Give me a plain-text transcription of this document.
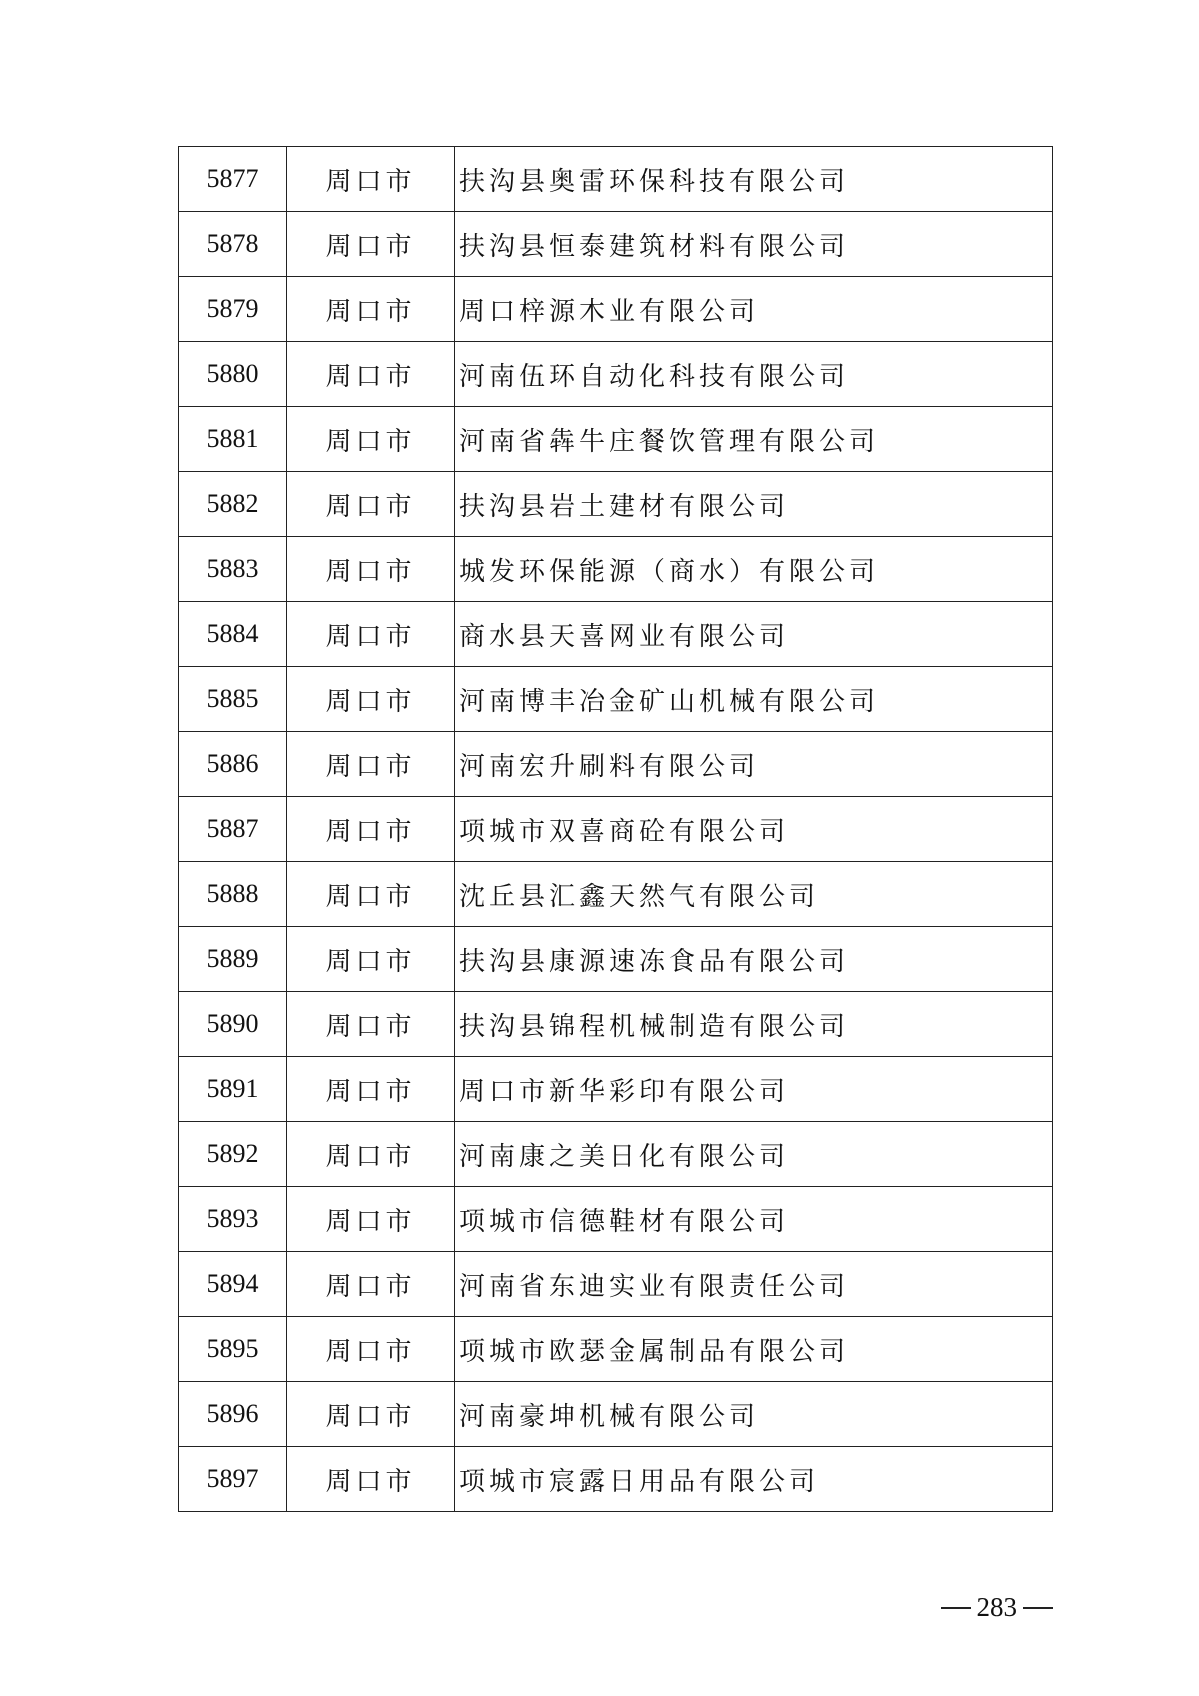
5877	周口市	扶沟县奥雷环保科技有限公司
5878	周口市	扶沟县恒泰建筑材料有限公司
5879	周口市	周口梓源木业有限公司
5880	周口市	河南伍环自动化科技有限公司
5881	周口市	河南省犇牛庄餐饮管理有限公司
5882	周口市	扶沟县岩土建材有限公司
5883	周口市	城发环保能源（商水）有限公司
5884	周口市	商水县天喜网业有限公司
5885	周口市	河南博丰冶金矿山机械有限公司
5886	周口市	河南宏升刷料有限公司
5887	周口市	项城市双喜商砼有限公司
5888	周口市	沈丘县汇鑫天然气有限公司
5889	周口市	扶沟县康源速冻食品有限公司
5890	周口市	扶沟县锦程机械制造有限公司
5891	周口市	周口市新华彩印有限公司
5892	周口市	河南康之美日化有限公司
5893	周口市	项城市信德鞋材有限公司
5894	周口市	河南省东迪实业有限责任公司
5895	周口市	项城市欧瑟金属制品有限公司
5896	周口市	河南豪坤机械有限公司
5897	周口市	项城市宸露日用品有限公司
283
